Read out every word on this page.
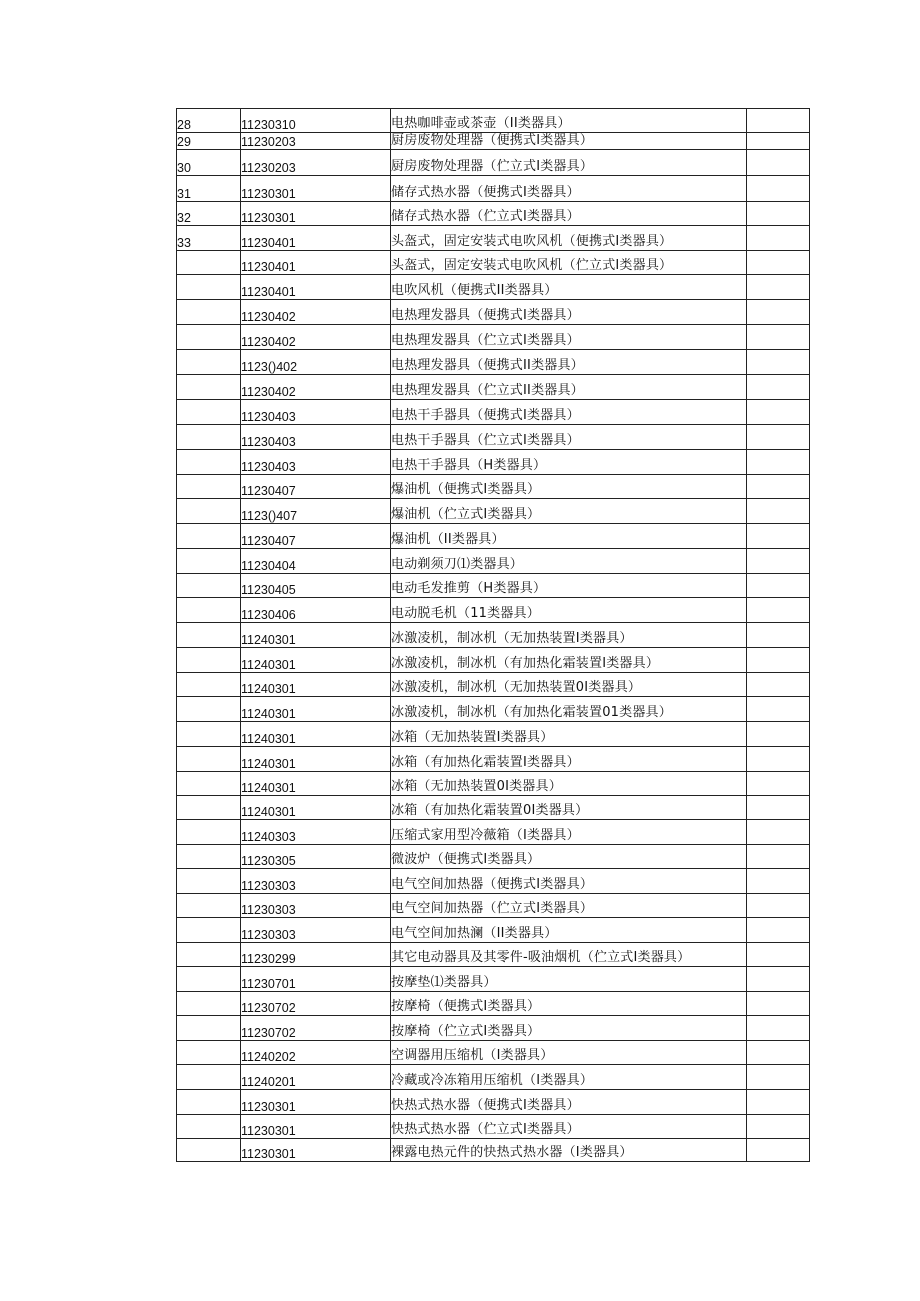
28	11230310	电热咖啡壶或茶壶（II类器具）	
29	11230203	厨房废物处理器（便携式I类器具）	
30	11230203	厨房废物处理器（伫立式I类器具）	
31	11230301	储存式热水器（便携式I类器具）	
32	11230301	储存式热水器（伫立式I类器具）	
33	11230401	头盔式，固定安装式电吹风机（便携式I类器具）	
	11230401	头盔式，固定安装式电吹风机（伫立式I类器具）	
	11230401	电吹风机（便携式II类器具）	
	11230402	电热理发器具（便携式I类器具）	
	11230402	电热理发器具（伫立式I类器具）	
	1123()402	电热理发器具（便携式II类器具）	
	11230402	电热理发器具（伫立式II类器具）	
	11230403	电热干手器具（便携式I类器具）	
	11230403	电热干手器具（伫立式I类器具）	
	11230403	电热干手器具（H类器具）	
	11230407	爆油机（便携式I类器具）	
	1123()407	爆油机（伫立式I类器具）	
	11230407	爆油机（II类器具）	
	11230404	电动剃须刀⑴类器具）	
	11230405	电动毛发推剪（H类器具）	
	11230406	电动脱毛机（11类器具）	
	11240301	冰激凌机，制冰机（无加热装置I类器具）	
	11240301	冰激凌机，制冰机（有加热化霜装置I类器具）	
	11240301	冰激凌机，制冰机（无加热装置0I类器具）	
	11240301	冰激凌机，制冰机（有加热化霜装置01类器具）	
	11240301	冰箱（无加热装置I类器具）	
	11240301	冰箱（有加热化霜装置I类器具）	
	11240301	冰箱（无加热装置0I类器具）	
	11240301	冰箱（有加热化霜装置0I类器具）	
	11240303	压缩式家用型冷薇箱（I类器具）	
	11230305	微波炉（便携式I类器具）	
	11230303	电气空间加热器（便携式I类器具）	
	11230303	电气空间加热器（伫立式I类器具）	
	11230303	电气空间加热澜（II类器具）	
	11230299	其它电动器具及其零件-吸油烟机（伫立式I类器具）	
	11230701	按摩垫⑴类器具）	
	11230702	按摩椅（便携式I类器具）	
	11230702	按摩椅（伫立式I类器具）	
	11240202	空调器用压缩机（I类器具）	
	11240201	冷藏或冷冻箱用压缩机（I类器具）	
	11230301	快热式热水器（便携式I类器具）	
	11230301	快热式热水器（伫立式I类器具）	
	11230301	裸露电热元件的快热式热水器（I类器具）	
